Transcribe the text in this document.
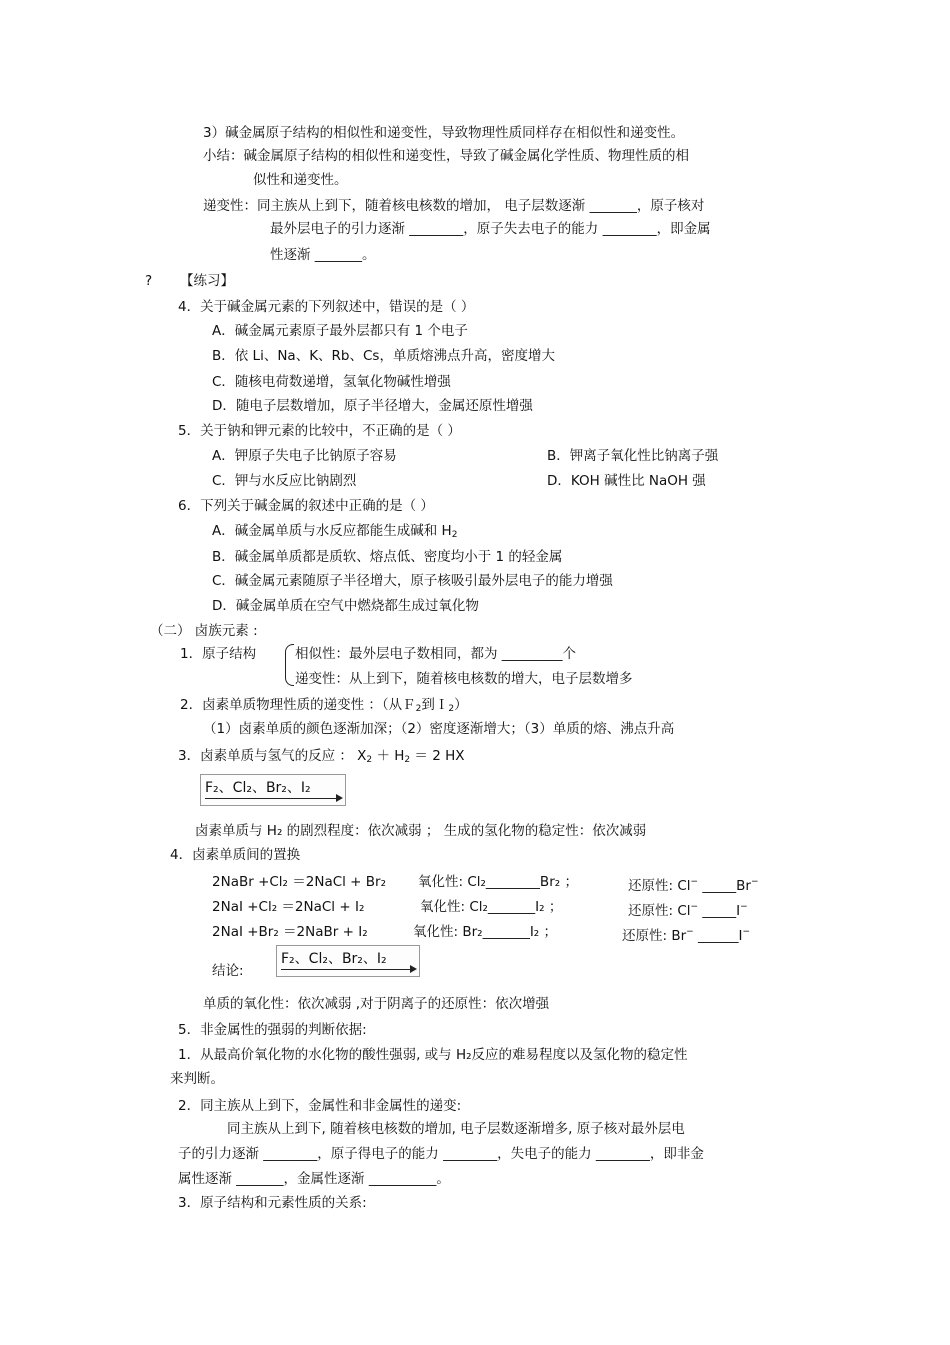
3）碱金属原子结构的相似性和递变性，导致物理性质同样存在相似性和递变性。
小结：碱金属原子结构的相似性和递变性，导致了碱金属化学性质、物理性质的相
似性和递变性。
递变性：同主族从上到下，随着核电核数的增加， 电子层数逐渐 _______，原子核对
最外层电子的引力逐渐 ________，原子失去电子的能力 ________，即金属
性逐渐 _______。
? 【练习】
4．关于碱金属元素的下列叙述中，错误的是（ ）
A．碱金属元素原子最外层都只有 1 个电子
B．依 Li、Na、K、Rb、Cs，单质熔沸点升高，密度增大
C．随核电荷数递增，氢氧化物碱性增强
D．随电子层数增加，原子半径增大，金属还原性增强
5．关于钠和钾元素的比较中，不正确的是（ ）
A．钾原子失电子比钠原子容易	B．钾离子氧化性比钠离子强
C．钾与水反应比钠剧烈	D．KOH 碱性比 NaOH 强
6．下列关于碱金属的叙述中正确的是（ ）
A．碱金属单质与水反应都能生成碱和 H2
B．碱金属单质都是质软、熔点低、密度均小于 1 的轻金属
C．碱金属元素随原子半径增大，原子核吸引最外层电子的能力增强
D．碱金属单质在空气中燃烧都生成过氧化物
（二） 卤族元素 :
1．原子结构	相似性：最外层电子数相同，都为 _________个
递变性：从上到下，随着核电核数的增大，电子层数增多
2．卤素单质物理性质的递变性 ：（从Ｆ2到Ｉ2）
（1）卤素单质的颜色逐渐加深；（2）密度逐渐增大；（3）单质的熔、沸点升高
3．卤素单质与氢气的反应 ： X2 ＋ H2 ＝ 2 HX
F₂、Cl₂、Br₂、I₂
卤素单质与 H₂ 的剧烈程度：依次减弱 ； 生成的氢化物的稳定性：依次减弱
4．卤素单质间的置换
2NaBr +Cl₂ ＝2NaCl + Br₂ 氧化性: Cl₂________Br₂ ；	还原性: Cl− _____Br−
2NaI +Cl₂ ＝2NaCl + I₂	氧化性: Cl₂_______I₂ ；	还原性: Cl− _____I−
2NaI +Br₂ ＝2NaBr + I₂	氧化性: Br₂_______I₂ ；	还原性: Br− ______I−
结论:
F₂、Cl₂、Br₂、I₂
单质的氧化性：依次减弱 ,对于阴离子的还原性：依次增强
5．非金属性的强弱的判断依据:
1．从最高价氧化物的水化物的酸性强弱, 或与 H₂反应的难易程度以及氢化物的稳定性
来判断。
2．同主族从上到下，金属性和非金属性的递变:
同主族从上到下, 随着核电核数的增加, 电子层数逐渐增多, 原子核对最外层电
子的引力逐渐 ________，原子得电子的能力 ________，失电子的能力 ________，即非金
属性逐渐 _______，金属性逐渐 __________。
3．原子结构和元素性质的关系:
